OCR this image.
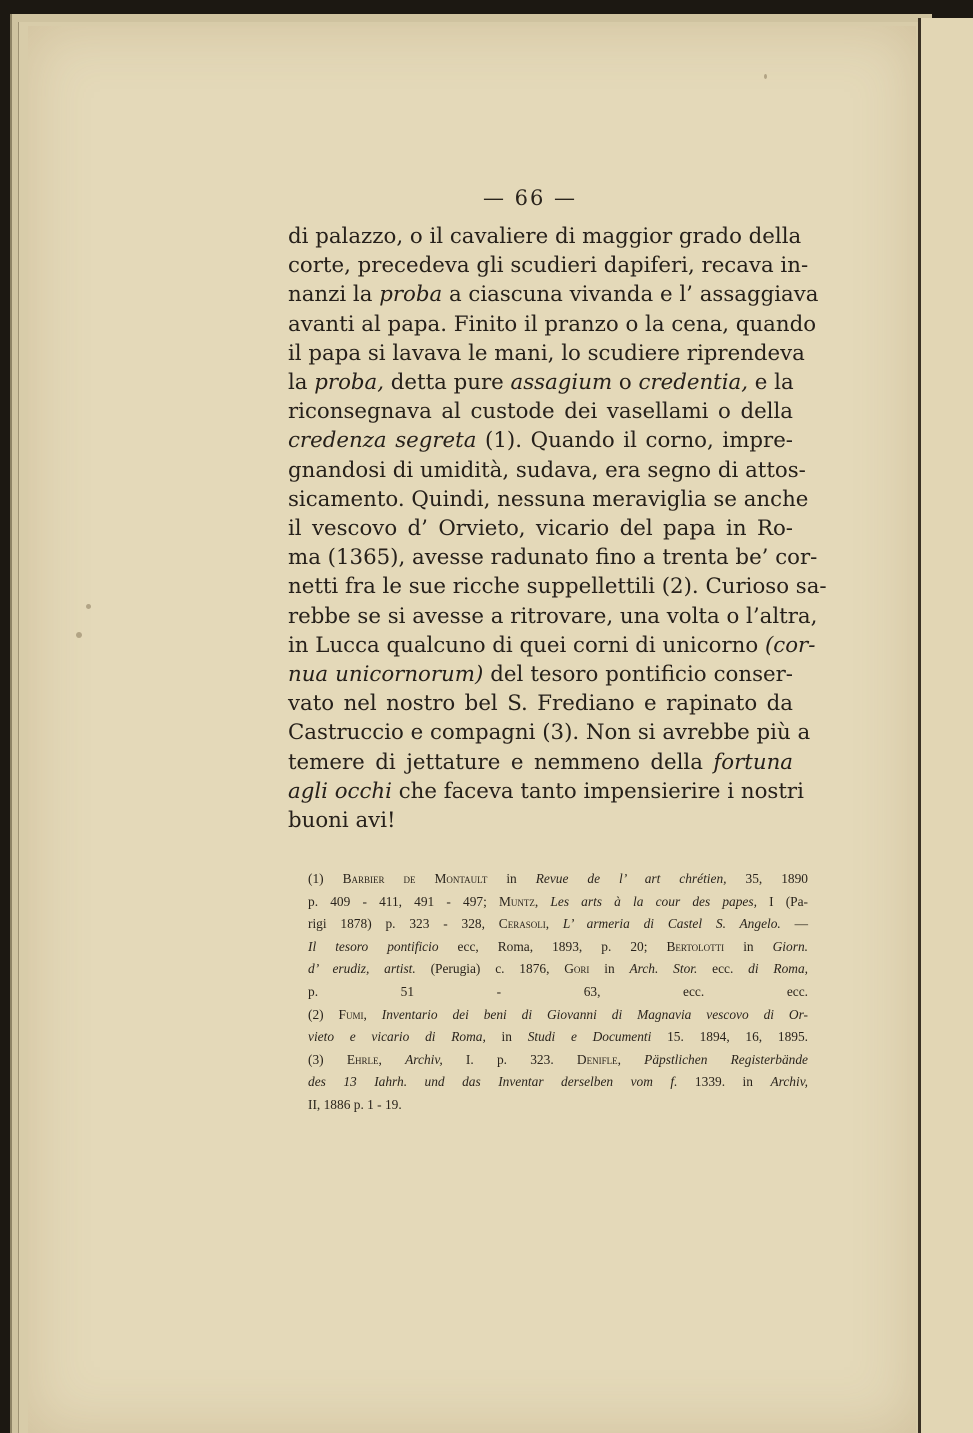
— 66 —
di palazzo, o il cavaliere di maggior grado della
corte, precedeva gli scudieri dapiferi, recava in-
nanzi la proba a ciascuna vivanda e l’ assaggiava
avanti al papa. Finito il pranzo o la cena, quando
il papa si lavava le mani, lo scudiere riprendeva
la proba, detta pure assagium o credentia, e la
riconsegnava al custode dei vasellami o della
credenza segreta (1). Quando il corno, impre-
gnandosi di umidità, sudava, era segno di attos-
sicamento. Quindi, nessuna meraviglia se anche
il vescovo d’ Orvieto, vicario del papa in Ro-
ma (1365), avesse radunato fino a trenta be’ cor-
netti fra le sue ricche suppellettili (2). Curioso sa-
rebbe se si avesse a ritrovare, una volta o l’altra,
in Lucca qualcuno di quei corni di unicorno (cor-
nua unicornorum) del tesoro pontificio conser-
vato nel nostro bel S. Frediano e rapinato da
Castruccio e compagni (3). Non si avrebbe più a
temere di jettature e nemmeno della fortuna
agli occhi che faceva tanto impensierire i nostri
buoni avi!
(1) Barbier de Montault in Revue de l’ art chrétien, 35, 1890
p. 409 - 411, 491 - 497; Muntz, Les arts à la cour des papes, I (Pa-
rigi 1878) p. 323 - 328, Cerasoli, L’ armeria di Castel S. Angelo. —
Il tesoro pontificio ecc, Roma, 1893, p. 20; Bertolotti in Giorn.
d’ erudiz, artist. (Perugia) c. 1876, Gori in Arch. Stor. ecc. di Roma,
p. 51 - 63, ecc. ecc.
(2) Fumi, Inventario dei beni di Giovanni di Magnavia vescovo di Or-
vieto e vicario di Roma, in Studi e Documenti 15. 1894, 16, 1895.
(3) Ehrle, Archiv, I. p. 323. Denifle, Päpstlichen Registerbände
des 13 Iahrh. und das Inventar derselben vom f. 1339. in Archiv,
II, 1886 p. 1 - 19.
